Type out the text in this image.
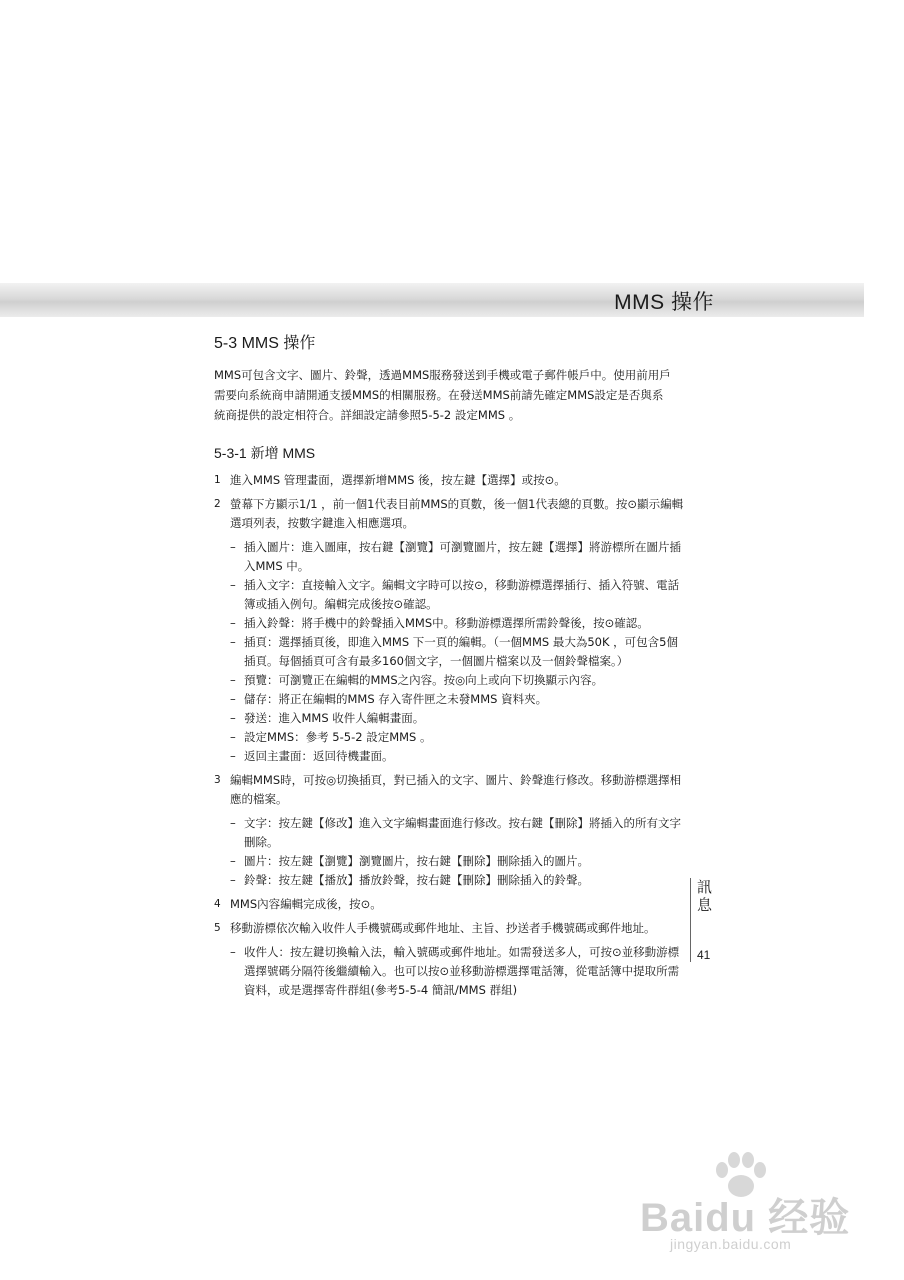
MMS 操作
5-3 MMS 操作

MMS可包含文字、圖片、鈴聲，透過MMS服務發送到手機或電子郵件帳戶中。使用前用戶

需要向系統商申請開通支援MMS的相關服務。在發送MMS前請先確定MMS設定是否與系

統商提供的設定相符合。詳細設定請參照5-5-2 設定MMS 。

5-3-1 新增 MMS
1 進入MMS 管理畫面，選擇新增MMS 後，按左鍵【選擇】或按⊙。
2 螢幕下方顯示1/1 ，前一個1代表目前MMS的頁數，後一個1代表總的頁數。按⊙顯示編輯選項列表，按數字鍵進入相應選項。
– 插入圖片：進入圖庫，按右鍵【瀏覽】可瀏覽圖片，按左鍵【選擇】將游標所在圖片插入MMS 中。
– 插入文字：直接輸入文字。編輯文字時可以按⊙，移動游標選擇插行、插入符號、電話簿或插入例句。編輯完成後按⊙確認。
– 插入鈴聲：將手機中的鈴聲插入MMS中。移動游標選擇所需鈴聲後，按⊙確認。
– 插頁：選擇插頁後，即進入MMS 下一頁的編輯。（一個MMS 最大為50K ，可包含5個插頁。每個插頁可含有最多160個文字，一個圖片檔案以及一個鈴聲檔案。）
– 預覽：可瀏覽正在編輯的MMS之內容。按◎向上或向下切換顯示內容。
– 儲存：將正在編輯的MMS 存入寄件匣之未發MMS 資料夾。
– 發送：進入MMS 收件人編輯畫面。
– 設定MMS：參考 5-5-2 設定MMS 。
– 返回主畫面：返回待機畫面。
3 編輯MMS時，可按◎切換插頁，對已插入的文字、圖片、鈴聲進行修改。移動游標選擇相應的檔案。
– 文字：按左鍵【修改】進入文字編輯畫面進行修改。按右鍵【刪除】將插入的所有文字刪除。
– 圖片：按左鍵【瀏覽】瀏覽圖片，按右鍵【刪除】刪除插入的圖片。
– 鈴聲：按左鍵【播放】播放鈴聲，按右鍵【刪除】刪除插入的鈴聲。
4 MMS內容編輯完成後，按⊙。
5 移動游標依次輸入收件人手機號碼或郵件地址、主旨、抄送者手機號碼或郵件地址。
– 收件人：按左鍵切換輸入法，輸入號碼或郵件地址。如需發送多人，可按⊙並移動游標選擇號碼分隔符後繼續輸入。也可以按⊙並移動游標選擇電話簿，從電話簿中提取所需資料，或是選擇寄件群組(參考5-5-4 簡訊/MMS 群組)
訊息
41
Baidu 经验
jingyan.baidu.com
